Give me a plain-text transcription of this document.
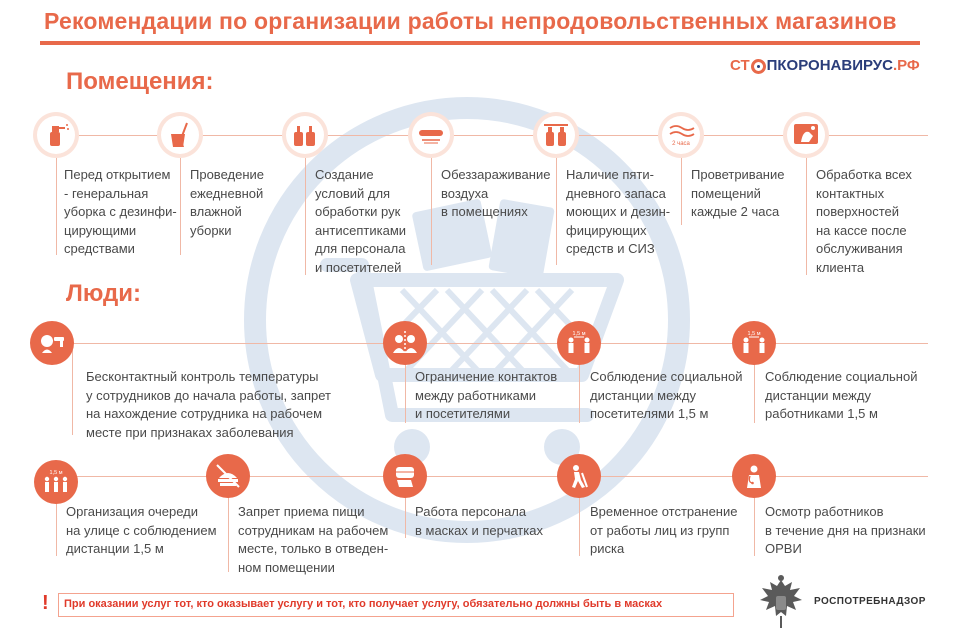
Рекомендации по организации работы непродовольственных магазинов
СТ ПКОРОНАВИРУС.РФ
Помещения:
Перед открытием
- генеральная
уборка с дезинфи-
цирующими
средствами
Проведение
ежедневной
влажной
уборки
Создание
условий для
обработки рук
антисептиками
для персонала
и посетителей
Обеззараживание
воздуха
в помещениях
Наличие пяти-
дневного запаса
моющих и дезин-
фицирующих
средств и СИЗ
2 часа
Проветривание
помещений
каждые 2 часа
Обработка всех
контактных
поверхностей
на кассе после
обслуживания
клиента
Люди:
1,5 м	1,5 м
Бесконтактный контроль температуры
у сотрудников до начала работы, запрет
на нахождение сотрудника на рабочем
месте при признаках заболевания
Ограничение контактов
между работниками
и посетителями
Соблюдение социальной
дистанции между
посетителями 1,5 м
Соблюдение социальной
дистанции между
работниками 1,5 м
1,5 м
Организация очереди
на улице с соблюдением
дистанции 1,5 м
Запрет приема пищи
сотрудникам на рабочем
месте, только в отведен-
ном помещении
Работа персонала
в масках и перчатках
Временное отстранение
от работы лиц из групп
риска
Осмотр работников
в течение дня на признаки
ОРВИ
! При оказании услуг тот, кто оказывает услугу и тот, кто получает услугу, обязательно должны быть в масках	РОСПОТРЕБНАДЗОР
